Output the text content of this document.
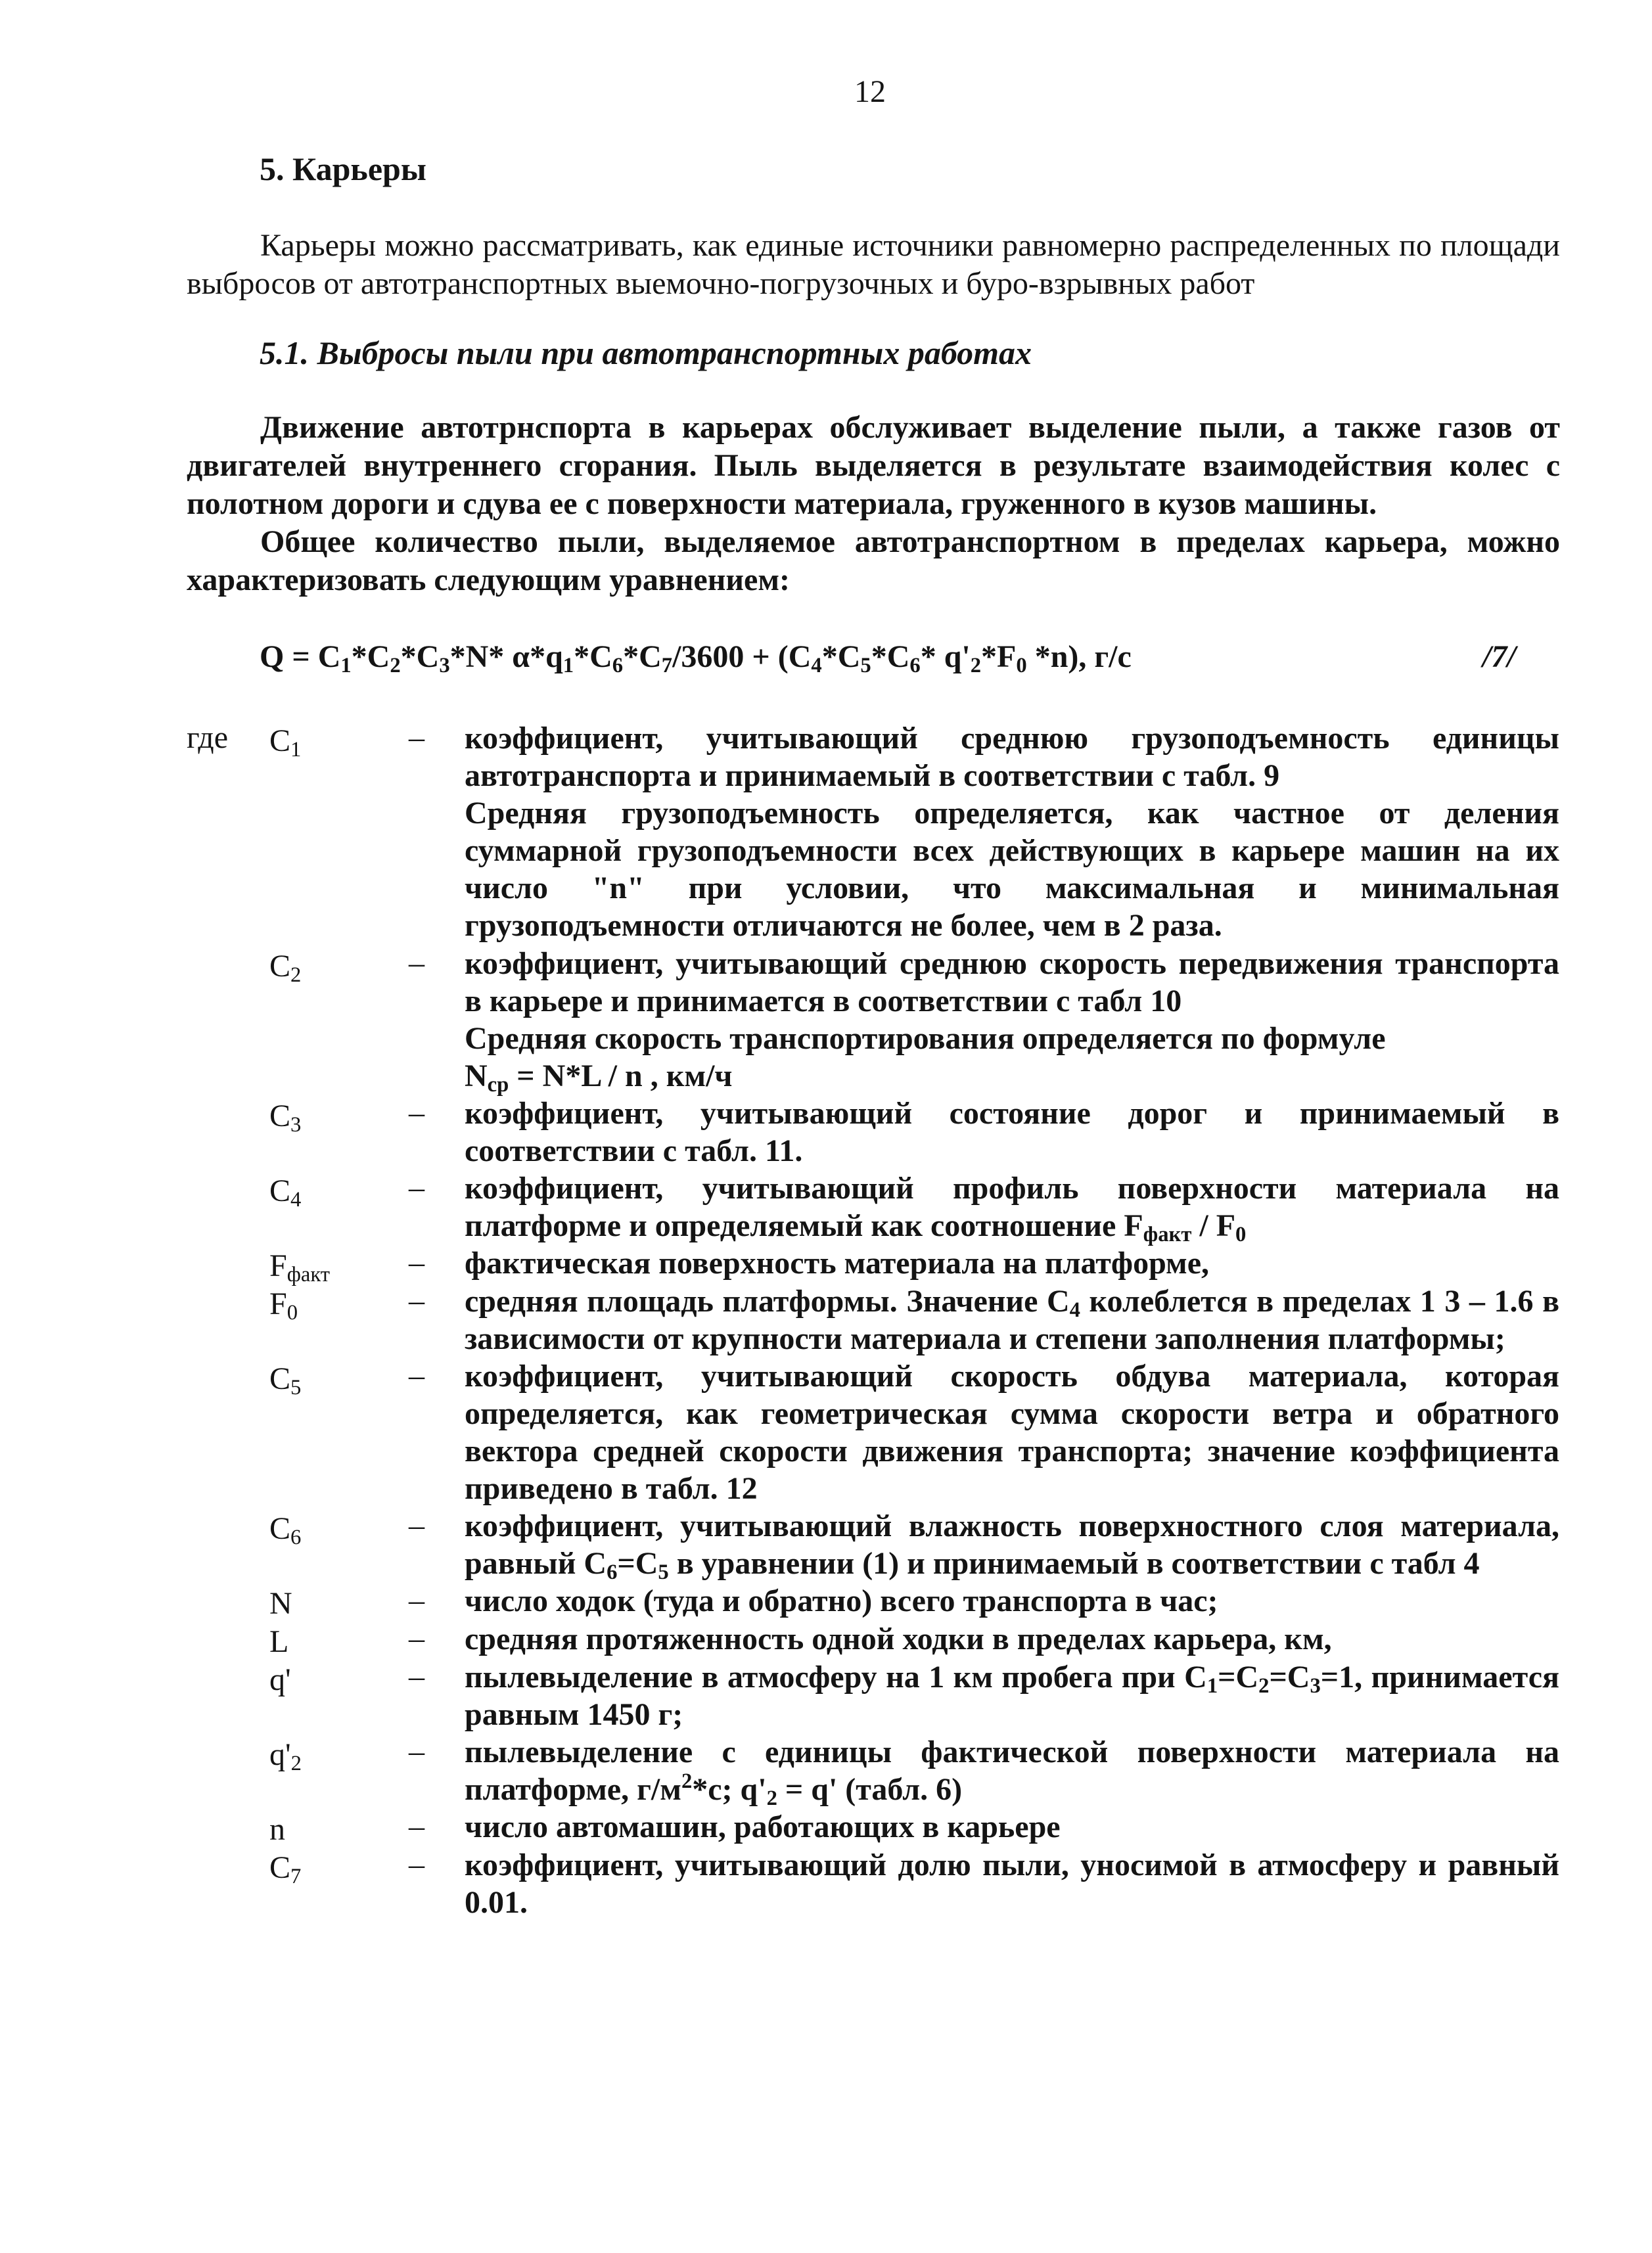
12
5. Карьеры
Карьеры можно рассматривать, как единые источники равномерно распределенных по площади выбросов от автотранспортных выемочно-погрузочных и буро-взрывных работ
5.1. Выбросы пыли при автотранспортных работах
Движение автотрнспорта в карьерах обслуживает выделение пыли, а также газов от двигателей внутреннего сгорания. Пыль выделяется в результате взаимодействия колес с полотном дороги и сдува ее с поверхности материала, груженного в кузов машины.
Общее количество пыли, выделяемое автотранспортном в пределах карьера, можно характеризовать следующим уравнением:
$Q = C_1*C_2*C_3*N*$ $\alpha*q_1*C_6*C_7/3600 + (C_4*C_5*C_6*$ $q'_2*F_0$ *n), г/с	/7/
где $C_1$	– коэффициент, учитывающий среднюю грузоподъемность единицы автотранспорта и принимаемый в соответствии с табл. 9
Средняя грузоподъемность определяется, как частное от деления суммарной грузоподъемности всех действующих в карьере машин на их число "n" при условии, что максимальная и минимальная грузоподъемности отличаются не более, чем в 2 раза.
$C_2$	– коэффициент, учитывающий среднюю скорость передвижения транспорта в карьере и принимается в соответствии с табл 10
Средняя скорость транспортирования определяется по формуле
$N_{ср} = N*L / n$ , км/ч
$C_3$	– коэффициент, учитывающий состояние дорог и принимаемый в соответствии с табл. 11.
$C_4$	– коэффициент, учитывающий профиль поверхности материала на платформе и определяемый как соотношение $F_{факт} / F_0$
$F_{факт}$ – фактическая поверхность материала на платформе,
$F_0$	– средняя площадь платформы. Значение $C_4$ колеблется в пределах 1 3 – 1.6 в зависимости от крупности материала и степени заполнения платформы;
$C_5$	– коэффициент, учитывающий скорость обдува материала, которая определяется, как геометрическая сумма скорости ветра и обратного вектора средней скорости движения транспорта; значение коэффициента приведено в табл. 12
$C_6$	– коэффициент, учитывающий влажность поверхностного слоя материала, равный $C_6=C_5$ в уравнении (1) и принимаемый в соответствии с табл 4
N	– число ходок (туда и обратно) всего транспорта в час;
L	– средняя протяженность одной ходки в пределах карьера, км,
q'	– пылевыделение в атмосферу на 1 км пробега при $C_1=C_2=C_3=1$, принимается равным 1450 г;
$q'_2$	– пылевыделение с единицы фактической поверхности материала на платформе, $г/м^2*с$; $q'_2 = q'$ (табл. 6)
n	– число автомашин, работающих в карьере
$C_7$	– коэффициент, учитывающий долю пыли, уносимой в атмосферу и равный 0.01.
